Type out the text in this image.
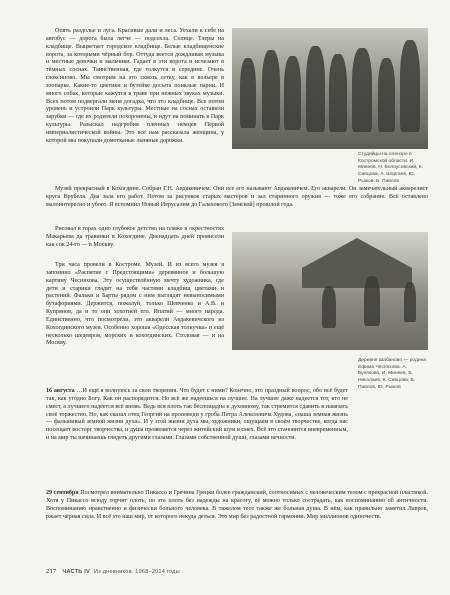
Опять раздолье и луга. Красивые дали и леса. Уехали к себе на автобус — дорога была легче — подсохла. Солнце. Тлеры на кладбище. Выцветает городское кладбище. Белые кладбищенские ворота, за которыми чёрный бор. Оттуда веется дождливая музыка и местные девочки и мальчики. Гадает в эти ворота и исчезают в тёмных соснах. Таинственная, где толкутся в середине. Очень глоксиново. Мы смотрим на это сквозь сетку, как в вольере в зоопарке. Какие-то цветики и бутейке досыта поиклые парни. И много собак, которые кажутся в траве при нежных звуках музыки. Всех потом подвергали меня догадка, что это кладбище. Все потом уровень и устроили Парк культуры. Местные на соснах оставили зарубки — где их родители похоронены, и идут на поминать в Парк культуры. Разыскал надгробия пленных немцев Первой империалистической войны. Это всё нам рассказала женщина, у которой мы покупали домотканые льняные дорожки.

Студийцы на пленэре в Костромской области. И. Минеев, Н. Белоусовский, К. Сивцова, А. Шоргаев, Ю. Рыжов, Б. Павлов

Музей прекрасный в Кохогдине. Собран Г.Н. Авдакевичем. Они все его называют Авдакевичем. Его акварели. Он замечательный акварелист круга Врубеля. Два зала его работ. Потом за рисунков старых мастеров и зал старинного оружия — тоже его собрание. Всё оставлено малоинтересно и убого. Я вспомнил Новый Иерусалим до Галахового [Земской] прошлой года.

Рисовал в горах одно глубокое детство на пляже в окрестностях Макарьева да травинки в Кохогдине. Двенадцать дней провисели как сок 24-го — в Москву.

Деревня Шабаново — родина Ефима Чесняхова. А. Булякова, И. Минеев, В. Николаев, К. Сивцова, Б. Павлов, Ю. Рыжов

Три часа провели в Костроме. Музей. И из всего музея я запомнил «Распятие с Предстоящими» деревянное и большую картину Чесняхова. Эту осуществлённую мечту художника, где дети и старики гладят на тебя частями кладбищ цветами и растений. Фальки и Барты рядом с ним выглядят невыносимыми бутафориями. Держится, пожалуй, только Шевченко и А.В. и Купрянов, да и то они хохотней его. Ипатий — много народа. Единственно, что посмотрели, это акварели Авдакевичского из Кохогдинского музея. Особенно хороша «Одесская толкучка» и ещё несколько шедевров, морских и кохогдинских. Столовая — и на Москву.

16 августа …И ещё я волнуюсь за свои творения. Что будет с ними? Конечно, это праздный вопрос, обо всё будет так, как угодно Богу. Как он распорядится. Но всё же надеешься на лучшее. На лучшее даже надеется тот, кто не смеет, а лучшего надеется всё вновь. Ведь вся плоть так беспощадна к духовному, так стремится сдавить и навязать своё торжество. Но, как сказал отец Георгий на проповеди у гроба Петра Алексеевича Худова, «наша земная жизнь — фальшивый земной жизни духа». И у этой жизни духа мы, художники, ощущаем в своём творчестве, когда нас посещает восторг творчества, и душа проявляется через житейский шум и смех. Всё это становится вневременным, и на мир ты начинаешь глядеть другими глазами. Глазами собственной души, глазами вечности.

29 сентября Посмотрел внимательно Пикассо и Гречина Грецки более гражданский, соотносимых с человеческим телом с прекрасной пластикой. Хотя у Пикассо всюду торчит плоть, но эта плоть без надежды на красоту, её можно только сострадать, как воспоминанию об античности. Воспоминанию нравственно и физически больного человека. В тяжелом тесе также же больная душа. В нём, как правильно заметил Лавров, ржает чёрная сила. И всё это наш мир, от которого некуда деться. Это мир без радостной гармонии. Мир миллионов одиночеств.

217 ЧАСТЬ IV Из дневников. 1968–2014 годы
